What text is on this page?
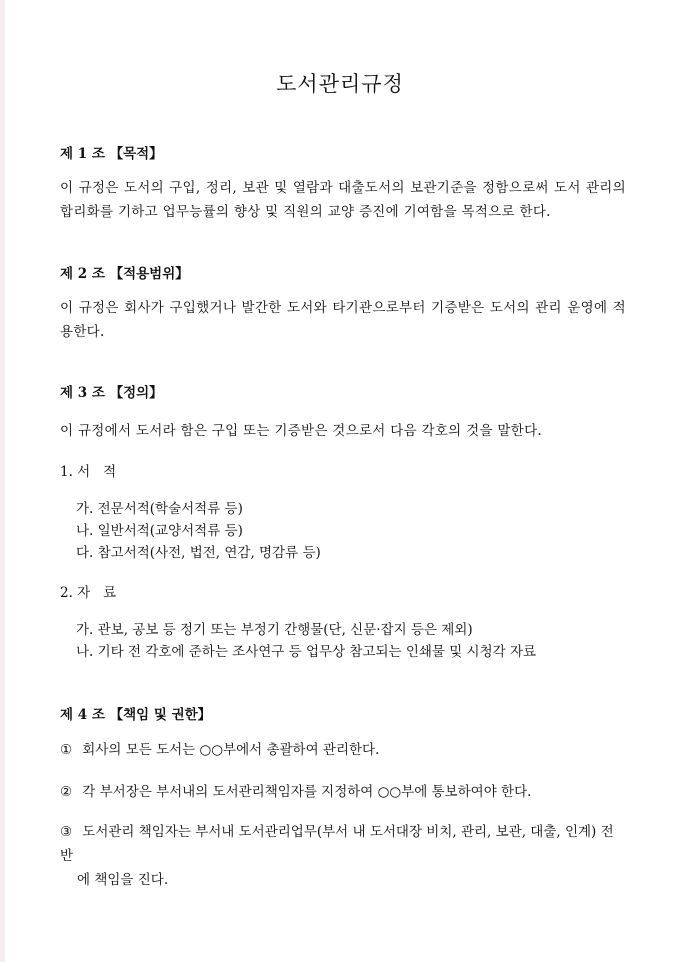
도서관리규정
제 1 조 【목적】

이 규정은 도서의 구입, 정리, 보관 및 열람과 대출도서의 보관기준을 정함으로써 도서 관리의 합리화를 기하고 업무능률의 향상 및 직원의 교양 증진에 기여함을 목적으로 한다.

제 2 조 【적용범위】

이 규정은 회사가 구입했거나 발간한 도서와 타기관으로부터 기증받은 도서의 관리 운영에 적용한다.

제 3 조 【정의】

이 규정에서 도서라 함은 구입 또는 기증받은 것으로서 다음 각호의 것을 말한다.

1. 서   적

가. 전문서적(학술서적류 등)
나. 일반서적(교양서적류 등)
다. 참고서적(사전, 법전, 연감, 명감류 등)

2. 자   료

가. 관보, 공보 등 정기 또는 부정기 간행물(단, 신문·잡지 등은 제외)
나. 기타 전 각호에 준하는 조사연구 등 업무상 참고되는 인쇄물 및 시청각 자료
제 4 조 【책임 및 권한】
① 회사의 모든 도서는 ○○부에서 총괄하여 관리한다.
② 각 부서장은 부서내의 도서관리책임자를 지정하여 ○○부에 통보하여야 한다.
③ 도서관리 책임자는 부서내 도서관리업무(부서 내 도서대장 비치, 관리, 보관, 대출, 인계) 전반
에 책임을 진다.
